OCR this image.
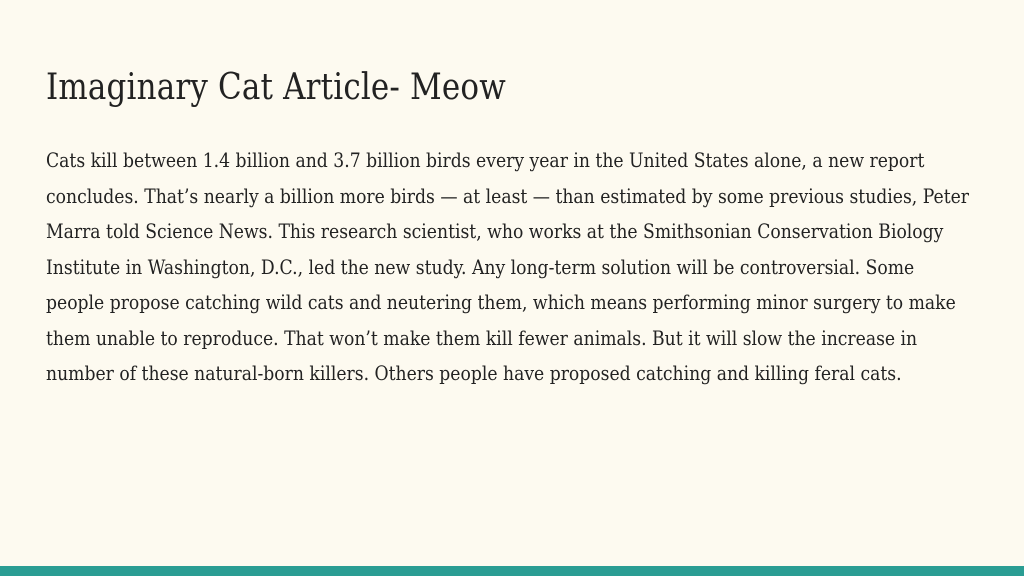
Imaginary Cat Article- Meow

Cats kill between 1.4 billion and 3.7 billion birds every year in the United States alone, a new report concludes. That’s nearly a billion more birds — at least — than estimated by some previous studies, Peter Marra told Science News. This research scientist, who works at the Smithsonian Conservation Biology Institute in Washington, D.C., led the new study. Any long-term solution will be controversial. Some people propose catching wild cats and neutering them, which means performing minor surgery to make them unable to reproduce. That won’t make them kill fewer animals. But it will slow the increase in number of these natural-born killers. Others people have proposed catching and killing feral cats.
